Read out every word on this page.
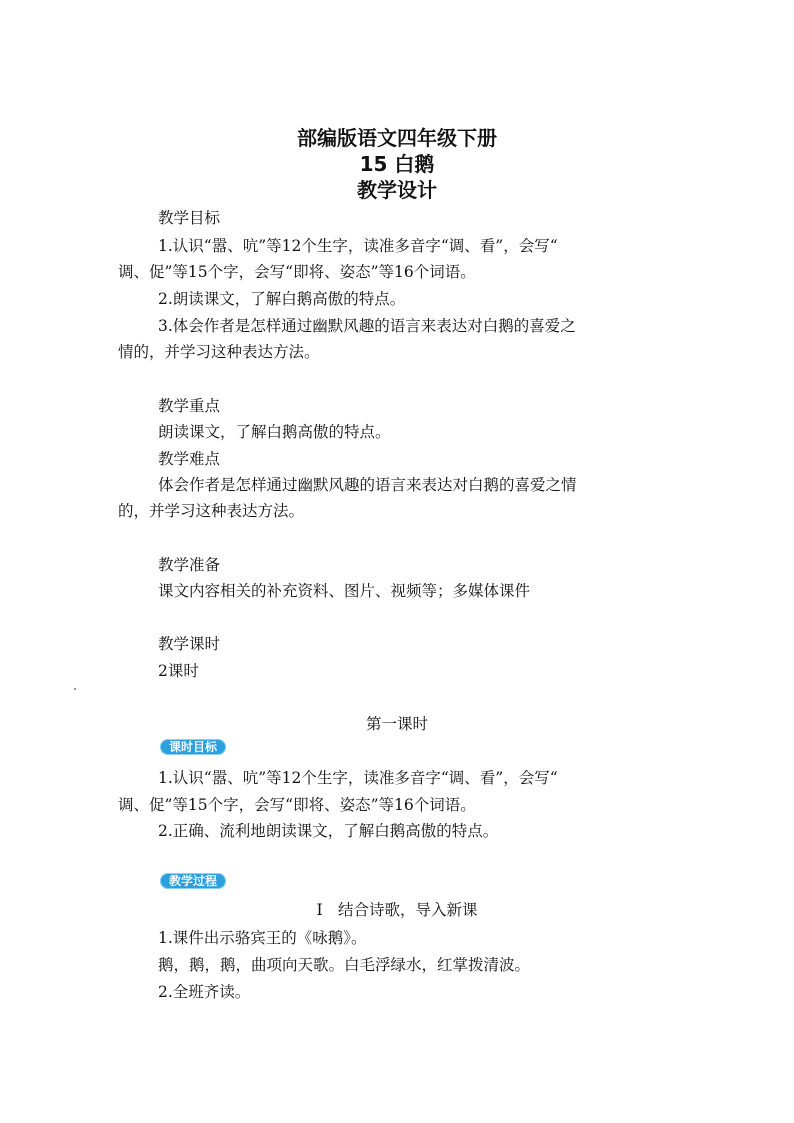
部编版语文四年级下册
15 白鹅
教学设计
教学目标
1.认识“嚣、吭”等12个生字，读准多音字“调、看”，会写“
调、促”等15个字，会写“即将、姿态”等16个词语。
2.朗读课文，了解白鹅高傲的特点。
3.体会作者是怎样通过幽默风趣的语言来表达对白鹅的喜爱之
情的，并学习这种表达方法。
教学重点
朗读课文，了解白鹅高傲的特点。
教学难点
体会作者是怎样通过幽默风趣的语言来表达对白鹅的喜爱之情
的，并学习这种表达方法。
教学准备
课文内容相关的补充资料、图片、视频等；多媒体课件
教学课时
2课时
第一课时
课时目标
1.认识“嚣、吭”等12个生字，读准多音字“调、看”，会写“
调、促”等15个字，会写“即将、姿态”等16个词语。
2.正确、流利地朗读课文，了解白鹅高傲的特点。
教学过程
Ⅰ　结合诗歌，导入新课
1.课件出示骆宾王的《咏鹅》。
鹅，鹅，鹅，曲项向天歌。白毛浮绿水，红掌拨清波。
2.全班齐读。
